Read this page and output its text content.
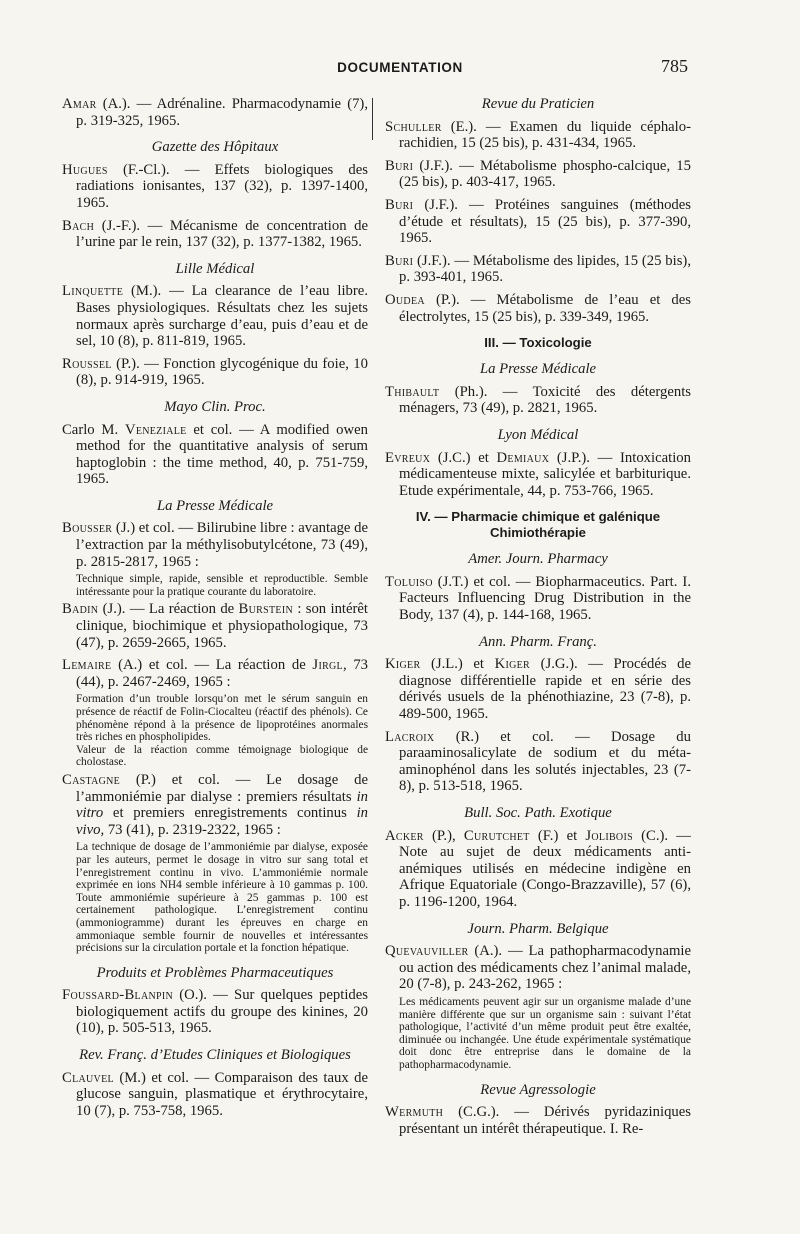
DOCUMENTATION	785

Amar (A.). — Adrénaline. Pharmacodynamie (7), p. 319-325, 1965.

Gazette des Hôpitaux

Hugues (F.-Cl.). — Effets biologiques des radiations ionisantes, 137 (32), p. 1397-1400, 1965.

Bach (J.-F.). — Mécanisme de concentration de l’urine par le rein, 137 (32), p. 1377-1382, 1965.

Lille Médical

Linquette (M.). — La clearance de l’eau libre. Bases physiologiques. Résultats chez les sujets normaux après surcharge d’eau, puis d’eau et de sel, 10 (8), p. 811-819, 1965.

Roussel (P.). — Fonction glycogénique du foie, 10 (8), p. 914-919, 1965.

Mayo Clin. Proc.

Carlo M. Veneziale et col. — A modified owen method for the quantitative analysis of serum haptoglobin : the time method, 40, p. 751-759, 1965.

La Presse Médicale

Bousser (J.) et col. — Bilirubine libre : avantage de l’extraction par la méthylisobutylcétone, 73 (49), p. 2815-2817, 1965 :

Technique simple, rapide, sensible et reproductible. Semble intéressante pour la pratique courante du laboratoire.

Badin (J.). — La réaction de Burstein : son intérêt clinique, biochimique et physiopathologique, 73 (47), p. 2659-2665, 1965.

Lemaire (A.) et col. — La réaction de Jirgl, 73 (44), p. 2467-2469, 1965 :

Formation d’un trouble lorsqu’on met le sérum sanguin en présence de réactif de Folin-Ciocalteu (réactif des phénols). Ce phénomène répond à la présence de lipoprotéines anormales très riches en phospholipides.

Valeur de la réaction comme témoignage biologique de cholostase.

Castagne (P.) et col. — Le dosage de l’ammoniémie par dialyse : premiers résultats in vitro et premiers enregistrements continus in vivo, 73 (41), p. 2319-2322, 1965 :

La technique de dosage de l’ammoniémie par dialyse, exposée par les auteurs, permet le dosage in vitro sur sang total et l’enregistrement continu in vivo. L’ammoniémie normale exprimée en ions NH4 semble inférieure à 10 gammas p. 100. Toute ammoniémie supérieure à 25 gammas p. 100 est certainement pathologique. L’enregistrement continu (ammoniogramme) durant les épreuves en charge en ammoniaque semble fournir de nouvelles et intéressantes précisions sur la circulation portale et la fonction hépatique.

Produits et Problèmes Pharmaceutiques

Foussard-Blanpin (O.). — Sur quelques peptides biologiquement actifs du groupe des kinines, 20 (10), p. 505-513, 1965.

Rev. Franç. d’Etudes Cliniques et Biologiques

Clauvel (M.) et col. — Comparaison des taux de glucose sanguin, plasmatique et érythrocytaire, 10 (7), p. 753-758, 1965.

Revue du Praticien

Schuller (E.). — Examen du liquide céphalo-rachidien, 15 (25 bis), p. 431-434, 1965.

Buri (J.F.). — Métabolisme phospho-calcique, 15 (25 bis), p. 403-417, 1965.

Buri (J.F.). — Protéines sanguines (méthodes d’étude et résultats), 15 (25 bis), p. 377-390, 1965.

Buri (J.F.). — Métabolisme des lipides, 15 (25 bis), p. 393-401, 1965.

Oudea (P.). — Métabolisme de l’eau et des électrolytes, 15 (25 bis), p. 339-349, 1965.

III. — Toxicologie
La Presse Médicale

Thibault (Ph.). — Toxicité des détergents ménagers, 73 (49), p. 2821, 1965.

Lyon Médical

Evreux (J.C.) et Demiaux (J.P.). — Intoxication médicamenteuse mixte, salicylée et barbiturique. Etude expérimentale, 44, p. 753-766, 1965.

IV. — Pharmacie chimique et galénique
Chimiothérapie
Amer. Journ. Pharmacy

Toluiso (J.T.) et col. — Biopharmaceutics. Part. I. Facteurs Influencing Drug Distribution in the Body, 137 (4), p. 144-168, 1965.

Ann. Pharm. Franç.

Kiger (J.L.) et Kiger (J.G.). — Procédés de diagnose différentielle rapide et en série des dérivés usuels de la phénothiazine, 23 (7-8), p. 489-500, 1965.

Lacroix (R.) et col. — Dosage du paraaminosalicylate de sodium et du méta-aminophénol dans les solutés injectables, 23 (7-8), p. 513-518, 1965.

Bull. Soc. Path. Exotique

Acker (P.), Curutchet (F.) et Jolibois (C.). — Note au sujet de deux médicaments anti-anémiques utilisés en médecine indigène en Afrique Equatoriale (Congo-Brazzaville), 57 (6), p. 1196-1200, 1964.

Journ. Pharm. Belgique

Quevauviller (A.). — La pathopharmacodynamie ou action des médicaments chez l’animal malade, 20 (7-8), p. 243-262, 1965 :

Les médicaments peuvent agir sur un organisme malade d’une manière différente que sur un organisme sain : suivant l’état pathologique, l’activité d’un même produit peut être exaltée, diminuée ou inchangée. Une étude expérimentale systématique doit donc être entreprise dans le domaine de la pathopharmacodynamie.

Revue Agressologie

Wermuth (C.G.). — Dérivés pyridaziniques présentant un intérêt thérapeutique. I. Re-
